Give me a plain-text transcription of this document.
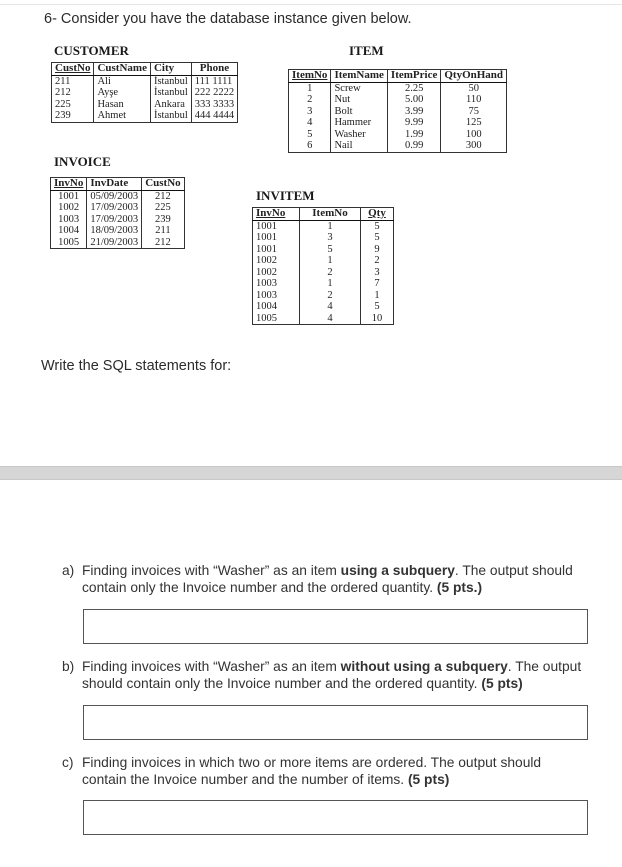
6- Consider you have the database instance given below.
CUSTOMER
CustNo	CustName	City	Phone
211	Ali	İstanbul	111 1111
212	Ayşe	İstanbul	222 2222
225	Hasan	Ankara	333 3333
239	Ahmet	İstanbul	444 4444
ITEM
ItemNo	ItemName	ItemPrice	QtyOnHand
1	Screw	2.25	50
2	Nut	5.00	110
3	Bolt	3.99	75
4	Hammer	9.99	125
5	Washer	1.99	100
6	Nail	0.99	300
INVOICE
InvNo	InvDate	CustNo
1001	05/09/2003	212
1002	17/09/2003	225
1003	17/09/2003	239
1004	18/09/2003	211
1005	21/09/2003	212
INVITEM
InvNo	ItemNo	Qty
1001	1	5
1001	3	5
1001	5	9
1002	1	2
1002	2	3
1003	1	7
1003	2	1
1004	4	5
1005	4	10
Write the SQL statements for:
a) Finding invoices with “Washer” as an item using a subquery. The output should contain only the Invoice number and the ordered quantity. (5 pts.)
b) Finding invoices with “Washer” as an item without using a subquery. The output should contain only the Invoice number and the ordered quantity. (5 pts)
c) Finding invoices in which two or more items are ordered. The output should contain the Invoice number and the number of items. (5 pts)
